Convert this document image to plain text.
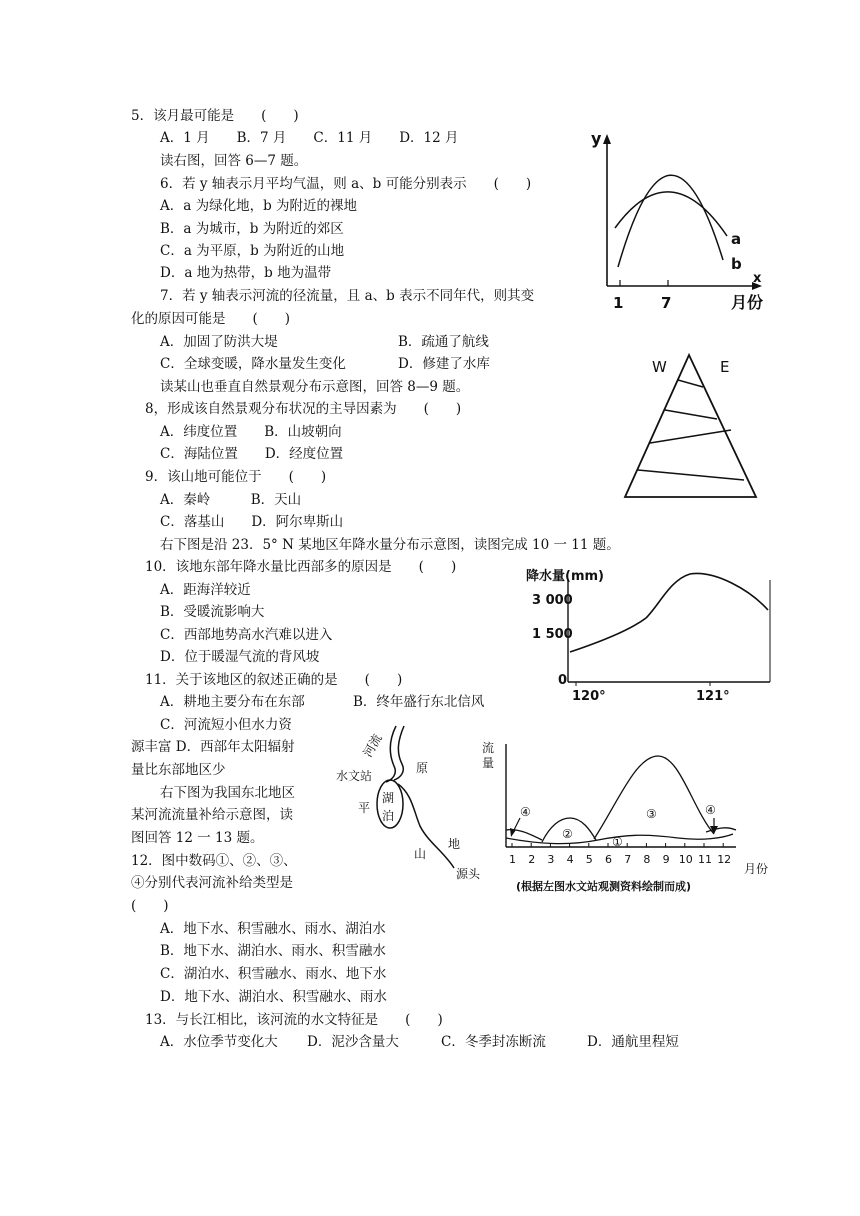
5．该月最可能是　　(　　)
A．1 月　　B．7 月　　C．11 月　　D．12 月
读右图，回答 6—7 题。
6．若 y 轴表示月平均气温，则 a、b 可能分别表示　　(　　)
A．a 为绿化地，b 为附近的裸地
B．a 为城市，b 为附近的郊区
C．a 为平原，b 为附近的山地
D．a 地为热带，b 地为温带
7．若 y 轴表示河流的径流量，且 a、b 表示不同年代，则其变
化的原因可能是　　(　　)
A．加固了防洪大堤	B．疏通了航线
C．全球变暖，降水量发生变化	D．修建了水库
读某山也垂直自然景观分布示意图，回答 8—9 题。
8，形成该自然景观分布状况的主导因素为　　(　　)
A．纬度位置　　B．山坡朝向
C．海陆位置　　D．经度位置
9．该山地可能位于　　(　　)
A．秦岭　　　B．天山
C．落基山　　D．阿尔卑斯山
右下图是沿 23．5° N 某地区年降水量分布示意图，读图完成 10 一 11 题。
10．该地东部年降水量比西部多的原因是　　(　　)
A．距海洋较近
B．受暖流影响大
C．西部地势高水汽难以进入
D．位于暖湿气流的背风坡
11．关于该地区的叙述正确的是　　(　　)
A．耕地主要分布在东部	B．终年盛行东北信风
C．河流短小但水力资
源丰富 D．西部年太阳辐射
量比东部地区少
右下图为我国东北地区
某河流流量补给示意图，读
图回答 12 一 13 题。
12．图中数码①、②、③、
④分别代表河流补给类型是
(　　)
A．地下水、积雪融水、雨水、湖泊水
B．地下水、湖泊水、雨水、积雪融水
C．湖泊水、积雪融水、雨水、地下水
D．地下水、湖泊水、积雪融水、雨水
13．与长江相比，该河流的水文特征是　　(　　)
A．水位季节变化大 D．泥沙含量大	C．冬季封冻断流	D．通航里程短
y
x
1	7	月份
a
b
W	E
降水量(mm)
3 000
1 500
0
120°	121°
河流
水文站
湖
泊
平
原
山
地
源头
流
量
1 2 3 4 5 6 7 8 9 10 11 12
月份
①
②
③
④	④
(根据左图水文站观测资料绘制而成)
